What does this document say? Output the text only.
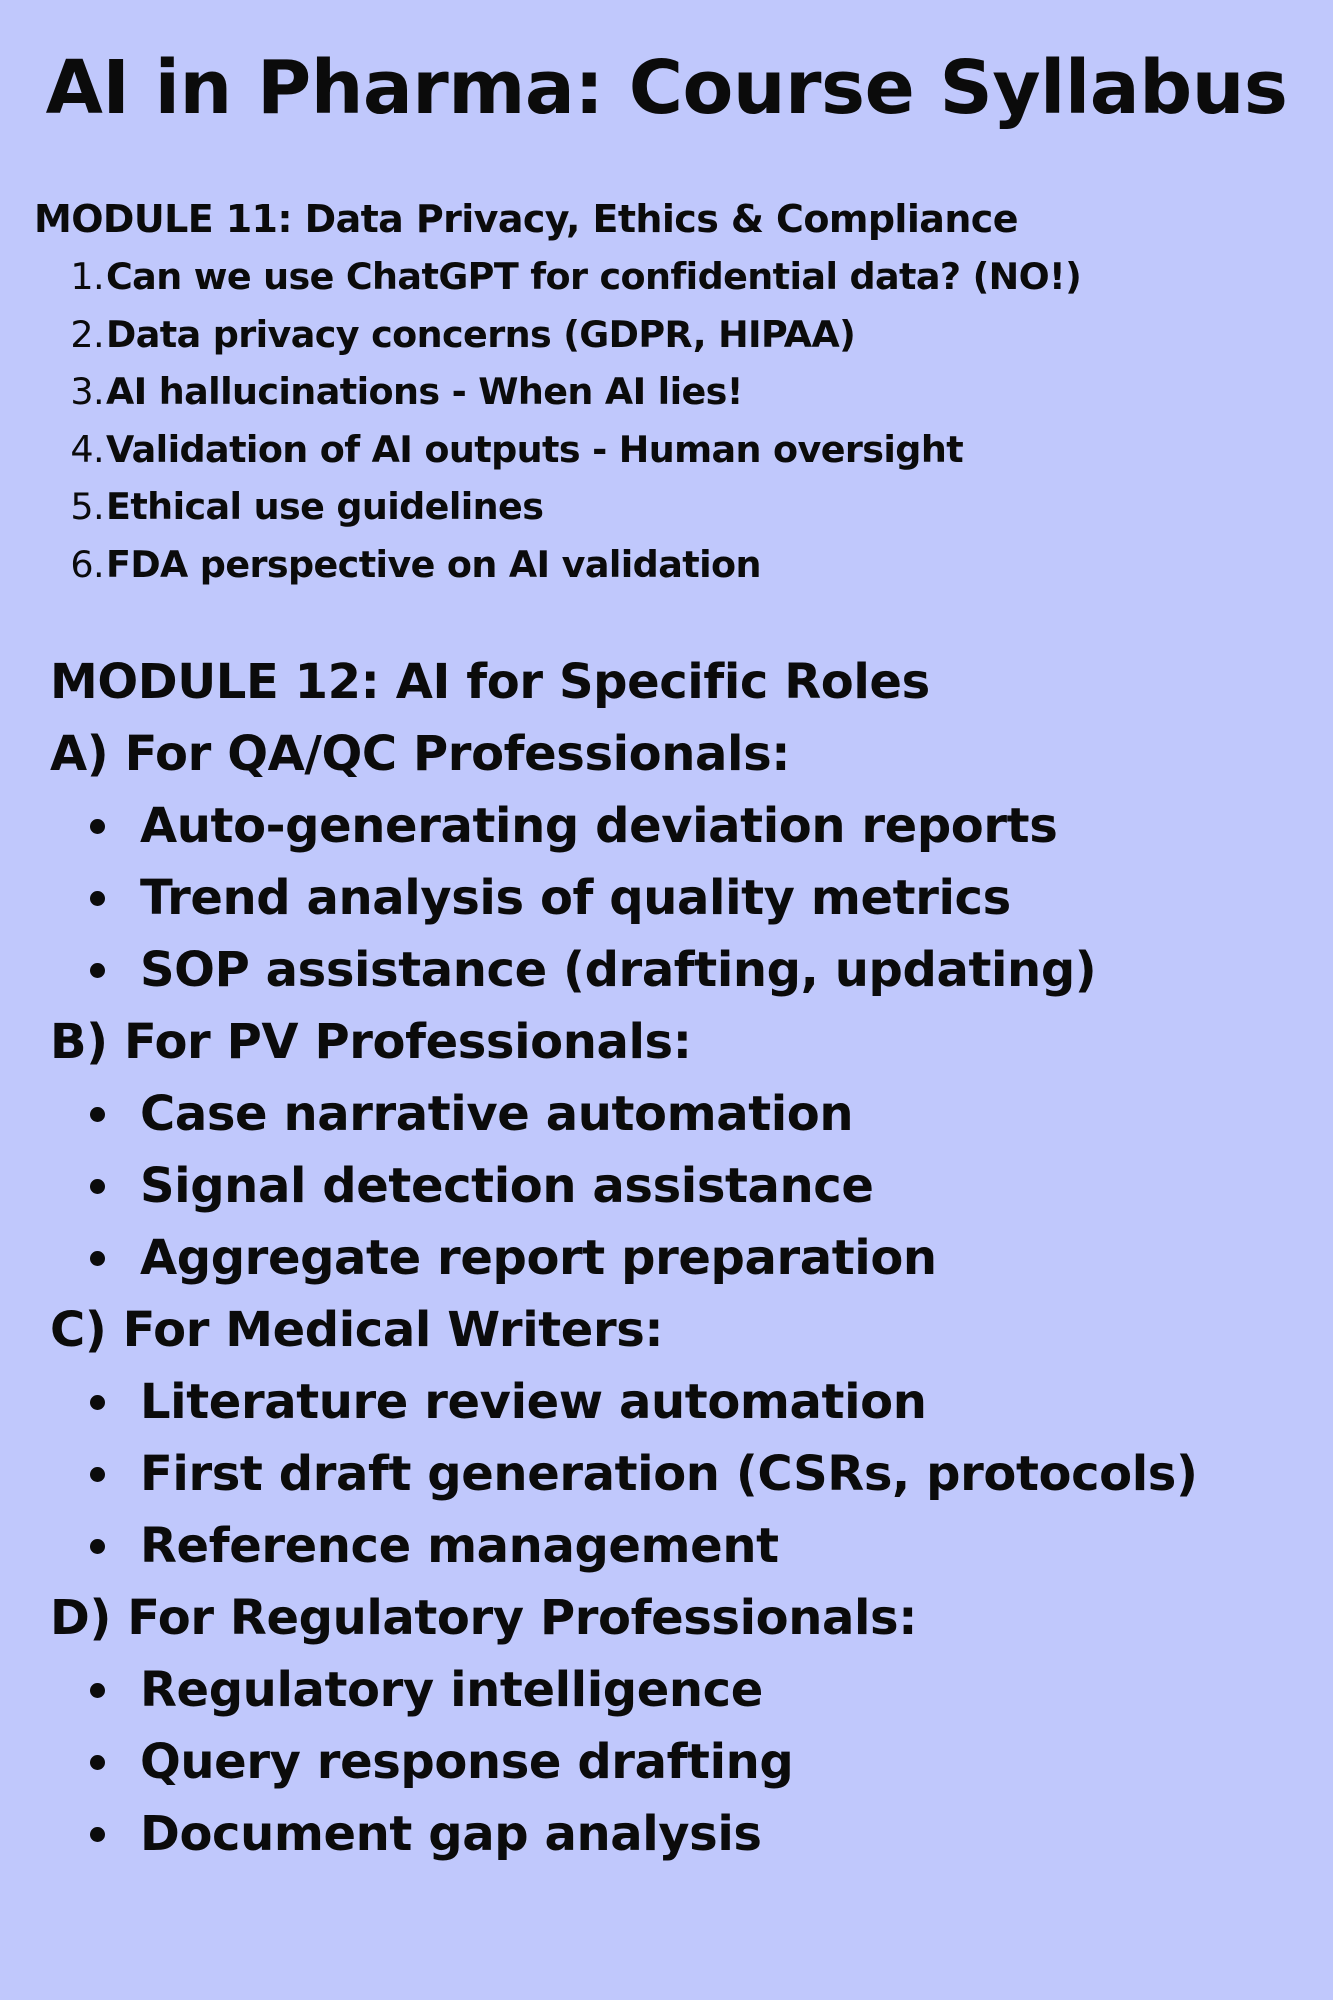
AI in Pharma: Course Syllabus
MODULE 11: Data Privacy, Ethics & Compliance
1. Can we use ChatGPT for confidential data? (NO!)
2. Data privacy concerns (GDPR, HIPAA)
3. AI hallucinations - When AI lies!
4. Validation of AI outputs - Human oversight
5. Ethical use guidelines
6. FDA perspective on AI validation
MODULE 12: AI for Specific Roles
A) For QA/QC Professionals:
Auto-generating deviation reports
Trend analysis of quality metrics
SOP assistance (drafting, updating)
B) For PV Professionals:
Case narrative automation
Signal detection assistance
Aggregate report preparation
C) For Medical Writers:
Literature review automation
First draft generation (CSRs, protocols)
Reference management
D) For Regulatory Professionals:
Regulatory intelligence
Query response drafting
Document gap analysis
